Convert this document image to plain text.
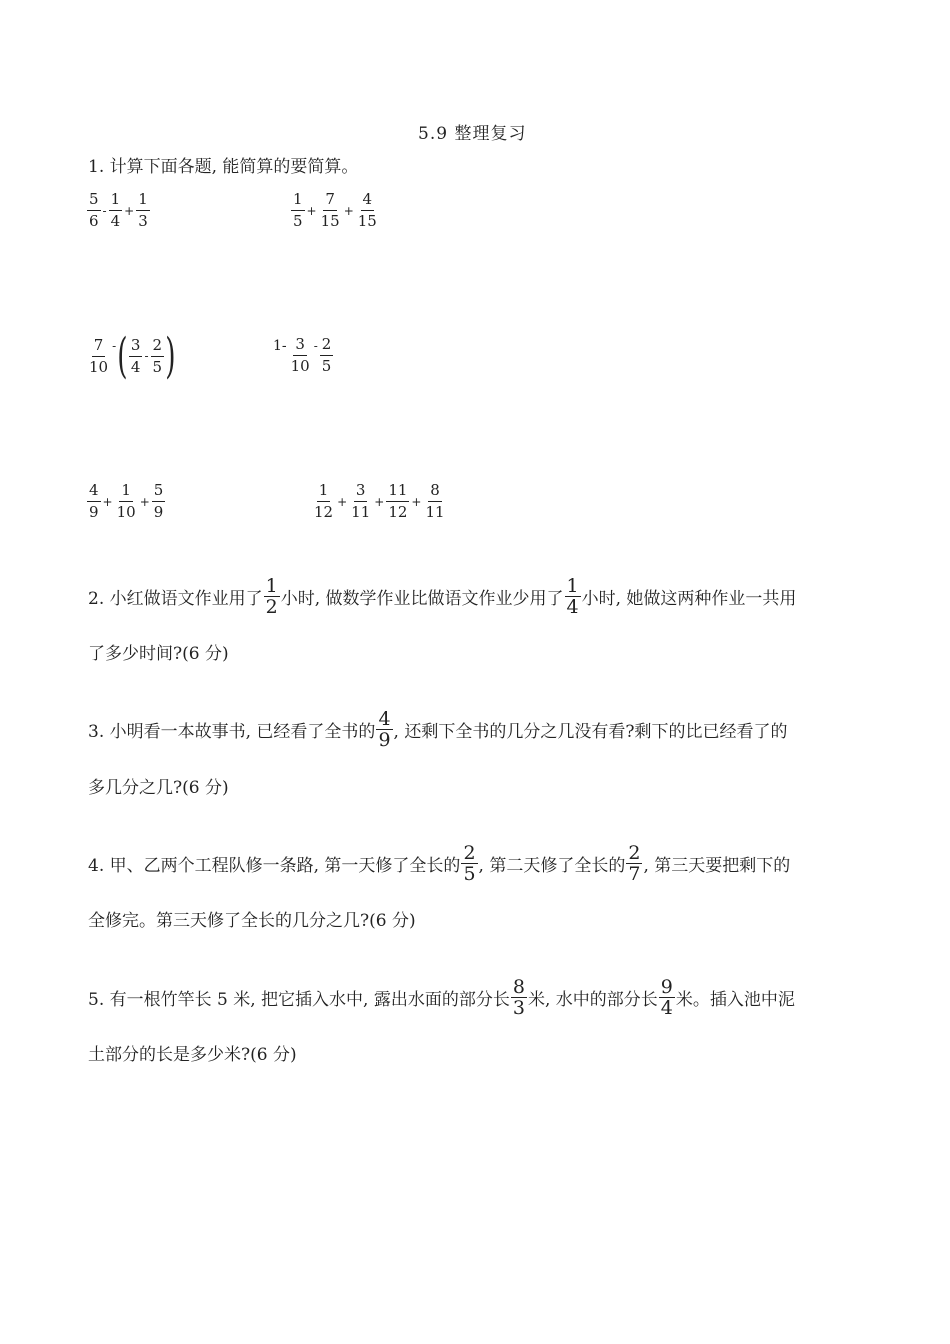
5.9 整理复习
1. 计算下面各题, 能简算的要简算。
$\frac{5}{6} - \frac{1}{4} + \frac{1}{3}$	$\frac{1}{5} + \frac{7}{15} + \frac{4}{15}$
$\frac{7}{10}$ - ( $\frac{3}{4} - \frac{2}{5}$ )	$1- \frac{3}{10} - \frac{2}{5}$
$\frac{4}{9} + \frac{1}{10} + \frac{5}{9}$	$\frac{1}{12} + \frac{3}{11} + \frac{11}{12} + \frac{8}{11}$
2. 小红做语文作业用了
1
2 小时, 做数学作业比做语文作业少用了
1
4 小时, 她做这两种作业一共用
了多少时间?(6 分)
3. 小明看一本故事书, 已经看了全书的
4
9 , 还剩下全书的几分之几没有看?剩下的比已经看了的
多几分之几?(6 分)
4. 甲、乙两个工程队修一条路, 第一天修了全长的
2
5 , 第二天修了全长的
2
7 , 第三天要把剩下的
全修完。第三天修了全长的几分之几?(6 分)
5. 有一根竹竿长 5 米, 把它插入水中, 露出水面的部分长
8
3 米, 水中的部分长
9
4 米。插入池中泥
土部分的长是多少米?(6 分)
